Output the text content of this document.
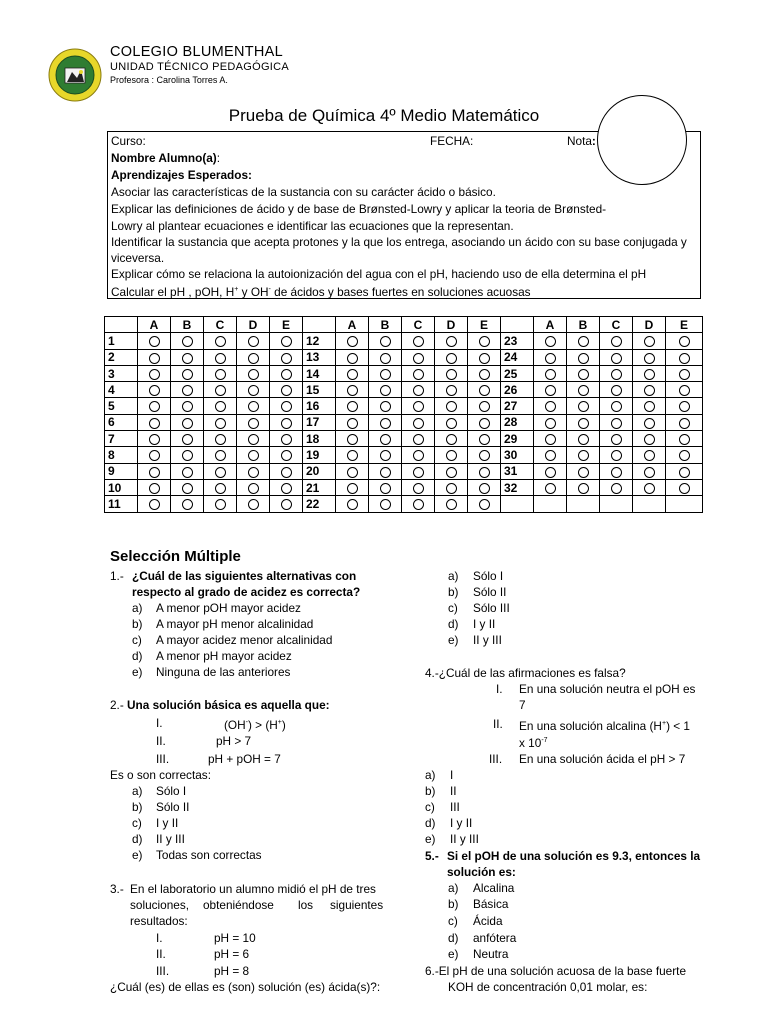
COLEGIO BLUMENTHAL
UNIDAD TÉCNICO PEDAGÓGICA
Profesora : Carolina Torres A.
Prueba de Química 4º Medio Matemático
Curso:	FECHA:	Nota:
Nombre Alumno(a):
Aprendizajes Esperados:
Asociar las características de la sustancia con su carácter ácido o básico.
Explicar las definiciones de ácido y de base de Brønsted-Lowry y aplicar la teoria de Brønsted-
Lowry al plantear ecuaciones e identificar las ecuaciones que la representan.
Identificar la sustancia que acepta protones y la que los entrega, asociando un ácido con su base conjugada y
viceversa.
Explicar cómo se relaciona la autoionización del agua con el pH, haciendo uso de ella determina el pH
Calcular el pH , pOH, H+ y OH- de ácidos y bases fuertes en soluciones acuosas
	A	B	C	D	E		A	B	C	D	E		A	B	C	D	E
1						12						23					
2						13						24					
3						14						25					
4						15						26					
5						16						27					
6						17						28					
7						18						29					
8						19						30					
9						20						31					
10						21						32					
11						22											
Selección Múltiple
1.- ¿Cuál de las siguientes alternativas con
respecto al grado de acidez es correcta?
a) A menor pOH mayor acidez
b) A mayor pH menor alcalinidad
c) A mayor acidez menor alcalinidad
d) A menor pH mayor acidez
e) Ninguna de las anteriores
2.- Una solución básica es aquella que:
I.	(OH-) > (H+)
II.	pH > 7
III.	pH + pOH = 7
Es o son correctas:
a) Sólo I
b) Sólo II
c) I y II
d) II y III
e) Todas son correctas
3.- En el laboratorio un alumno midió el pH de tres
soluciones, obteniéndose los siguientes
resultados:
I.	pH = 10
II.	pH = 6
III.	pH = 8
¿Cuál (es) de ellas es (son) solución (es) ácida(s)?:
a) Sólo I
b) Sólo II
c) Sólo III
d) I y II
e) II y III
4.-¿Cuál de las afirmaciones es falsa?
I. En una solución neutra el pOH es
7
II. En una solución alcalina (H+) < 1
x $10^{-7}$
III. En una solución ácida el pH > 7
a) I
b) II
c) III
d) I y II
e) II y III
5.- Si el pOH de una solución es 9.3, entonces la
solución es:
a) Alcalina
b) Básica
c) Ácida
d) anfótera
e) Neutra
6.-El pH de una solución acuosa de la base fuerte
KOH de concentración 0,01 molar, es:
